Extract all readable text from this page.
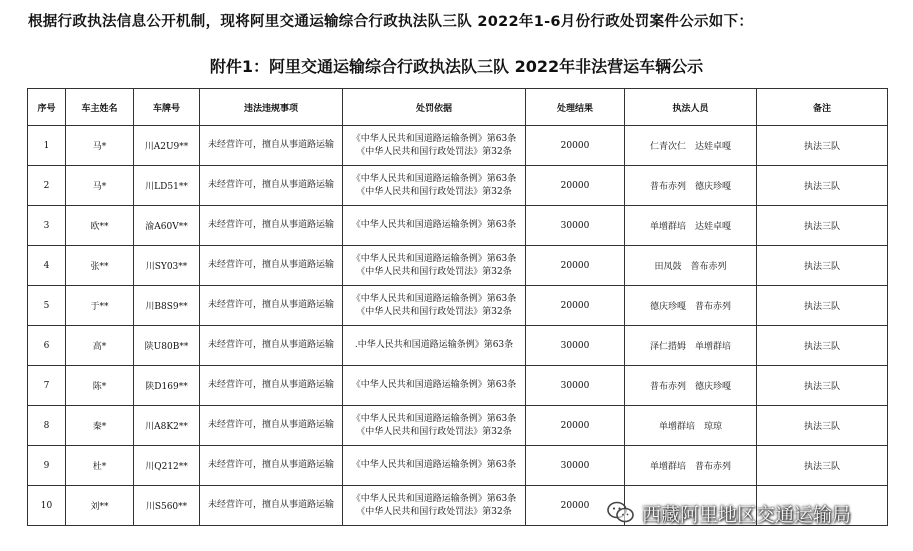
根据行政执法信息公开机制，现将阿里交通运输综合行政执法队三队 2022年1-6月份行政处罚案件公示如下：
附件1：阿里交通运输综合行政执法队三队 2022年非法营运车辆公示
序号	车主姓名	车牌号	违法违规事项	处罚依据	处理结果	执法人员	备注
1	马*	川A2U9**	未经营许可，擅自从事道路运输	《中华人民共和国道路运输条例》第63条 《中华人民共和国行政处罚法》第32条	20000	仁青次仁　达娃卓嘎	执法三队
2	马*	川LD51**	未经营许可，擅自从事道路运输	《中华人民共和国道路运输条例》第63条 《中华人民共和国行政处罚法》第32条	20000	普布赤列　德庆珍嘎	执法三队
3	欧**	渝A60V**	未经营许可，擅自从事道路运输	《中华人民共和国道路运输条例》第63条	30000	单增群培　达娃卓嘎	执法三队
4	张**	川SY03**	未经营许可，擅自从事道路运输	《中华人民共和国道路运输条例》第63条 《中华人民共和国行政处罚法》第32条	20000	田凤鼓　普布赤列	执法三队
5	于**	川B8S9**	未经营许可，擅自从事道路运输	《中华人民共和国道路运输条例》第63条 《中华人民共和国行政处罚法》第32条	20000	德庆珍嘎　普布赤列	执法三队
6	高*	陕U80B**	未经营许可，擅自从事道路运输	.中华人民共和国道路运输条例》第63条	30000	泽仁措姆　单增群培	执法三队
7	陈*	陕D169**	未经营许可，擅自从事道路运输	《中华人民共和国道路运输条例》第63条	30000	普布赤列　德庆珍嘎	执法三队
8	秦*	川A8K2**	未经营许可，擅自从事道路运输	《中华人民共和国道路运输条例》第63条 《中华人民共和国行政处罚法》第32条	20000	单增群培　琼琼	执法三队
9	杜*	川Q212**	未经营许可，擅自从事道路运输	《中华人民共和国道路运输条例》第63条	30000	单增群培　普布赤列	执法三队
10	刘**	川S560**	未经营许可，擅自从事道路运输	《中华人民共和国道路运输条例》第63条 《中华人民共和国行政处罚法》第32条	20000			西藏阿里地区交通运输局
